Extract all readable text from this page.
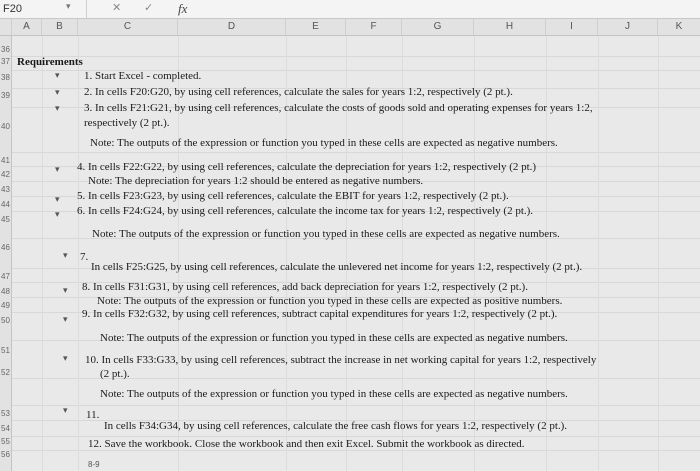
F20	▾	✕ ✓ fx
A	B	C	D	E	F	G	H	I	J	K
36
37
38
39
40
41
42
43
44
45
46
47
48
49
50
51
52
53
54
55
56
Requirements
▾
▾
▾
▾
▾
▾
▾
▾
▾
▾
▾
1. Start Excel - completed.
2. In cells F20:G20, by using cell references, calculate the sales for years 1:2, respectively (2 pt.).
3. In cells F21:G21, by using cell references, calculate the costs of goods sold and operating expenses for years 1:2,
respectively (2 pt.).
Note: The outputs of the expression or function you typed in these cells are expected as negative numbers.
4. In cells F22:G22, by using cell references, calculate the depreciation for years 1:2, respectively (2 pt.)
Note: The depreciation for years 1:2 should be entered as negative numbers.
5. In cells F23:G23, by using cell references, calculate the EBIT for years 1:2, respectively (2 pt.).
6. In cells F24:G24, by using cell references, calculate the income tax for years 1:2, respectively (2 pt.).
Note: The outputs of the expression or function you typed in these cells are expected as negative numbers.
7.
In cells F25:G25, by using cell references, calculate the unlevered net income for years 1:2, respectively (2 pt.).
8. In cells F31:G31, by using cell references, add back depreciation for years 1:2, respectively (2 pt.).
Note: The outputs of the expression or function you typed in these cells are expected as positive numbers.
9. In cells F32:G32, by using cell references, subtract capital expenditures for years 1:2, respectively (2 pt.).
Note: The outputs of the expression or function you typed in these cells are expected as negative numbers.
10. In cells F33:G33, by using cell references, subtract the increase in net working capital for years 1:2, respectively
(2 pt.).
Note: The outputs of the expression or function you typed in these cells are expected as negative numbers.
11.
In cells F34:G34, by using cell references, calculate the free cash flows for years 1:2, respectively (2 pt.).
12. Save the workbook. Close the workbook and then exit Excel. Submit the workbook as directed.
8-9
